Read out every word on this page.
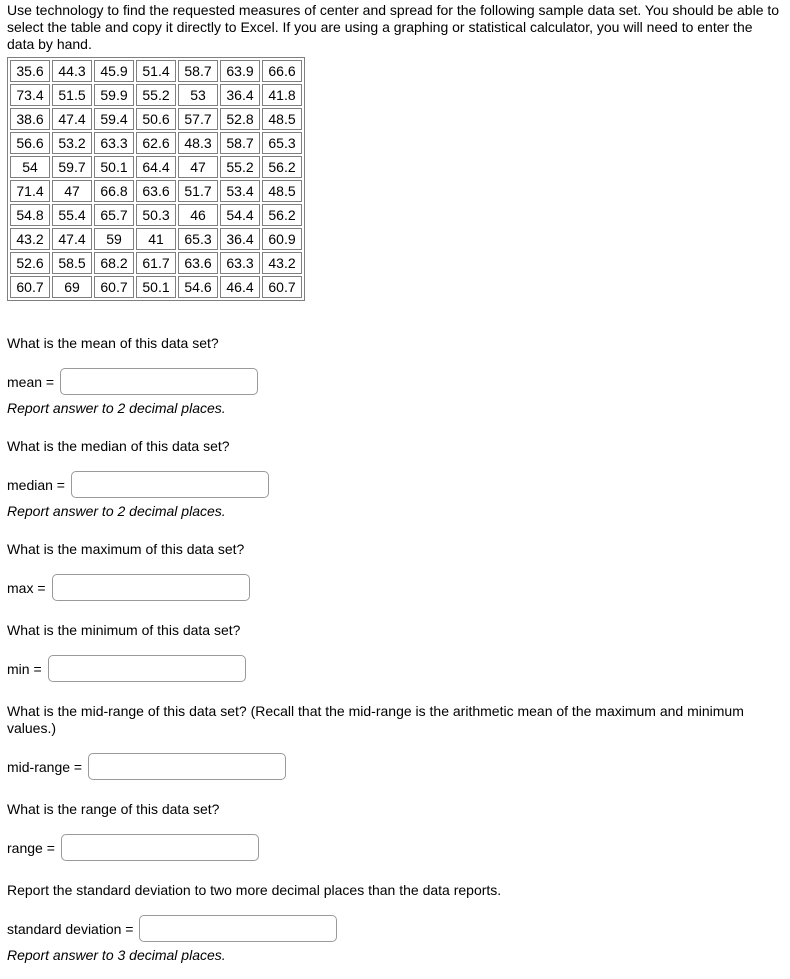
Use technology to find the requested measures of center and spread for the following sample data set. You should be able to select the table and copy it directly to Excel. If you are using a graphing or statistical calculator, you will need to enter the data by hand.

35.6	44.3	45.9	51.4	58.7	63.9	66.6
73.4	51.5	59.9	55.2	53	36.4	41.8
38.6	47.4	59.4	50.6	57.7	52.8	48.5
56.6	53.2	63.3	62.6	48.3	58.7	65.3
54	59.7	50.1	64.4	47	55.2	56.2
71.4	47	66.8	63.6	51.7	53.4	48.5
54.8	55.4	65.7	50.3	46	54.4	56.2
43.2	47.4	59	41	65.3	36.4	60.9
52.6	58.5	68.2	61.7	63.6	63.3	43.2
60.7	69	60.7	50.1	54.6	46.4	60.7

What is the mean of this data set?

mean =

Report answer to 2 decimal places.

What is the median of this data set?

median =

Report answer to 2 decimal places.

What is the maximum of this data set?

max =

What is the minimum of this data set?

min =

What is the mid-range of this data set? (Recall that the mid-range is the arithmetic mean of the maximum and minimum values.)

mid-range =

What is the range of this data set?

range =

Report the standard deviation to two more decimal places than the data reports.

standard deviation =

Report answer to 3 decimal places.
